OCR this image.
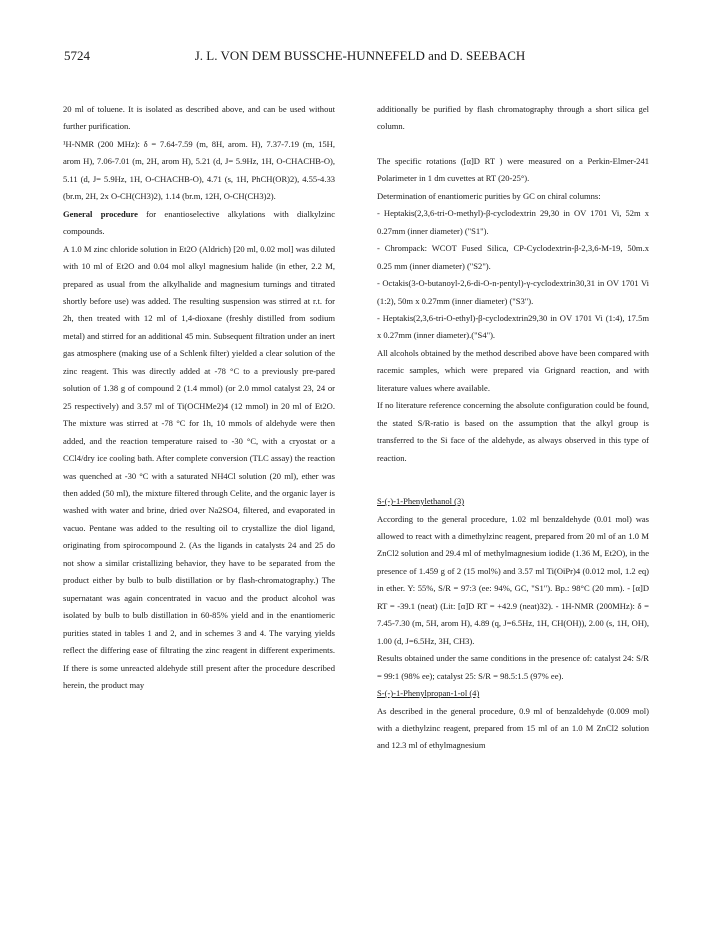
5724	J. L. VON DEM BUSSCHE-HUNNEFELD and D. SEEBACH

20 ml of toluene. It is isolated as described above, and can be used without further purification.

¹H-NMR (200 MHz): δ = 7.64-7.59 (m, 8H, arom. H), 7.37-7.19 (m, 15H, arom H), 7.06-7.01 (m, 2H, arom H), 5.21 (d, J= 5.9Hz, 1H, O-CHACHB-O), 5.11 (d, J= 5.9Hz, 1H, O-CHACHB-O), 4.71 (s, 1H, PhCH(OR)2), 4.55-4.33 (br.m, 2H, 2x O-CH(CH3)2), 1.14 (br.m, 12H, O-CH(CH3)2).

General procedure for enantioselective alkylations with dialkylzinc compounds.

A 1.0 M zinc chloride solution in Et2O (Aldrich) [20 ml, 0.02 mol] was diluted with 10 ml of Et2O and 0.04 mol alkyl magnesium halide (in ether, 2.2 M, prepared as usual from the alkylhalide and magnesium turnings and titrated shortly before use) was added. The resulting suspension was stirred at r.t. for 2h, then treated with 12 ml of 1,4-dioxane (freshly distilled from sodium metal) and stirred for an additional 45 min. Subsequent filtration under an inert gas atmosphere (making use of a Schlenk filter) yielded a clear solution of the zinc reagent. This was directly added at -78 °C to a previously pre-pared solution of 1.38 g of compound 2 (1.4 mmol) (or 2.0 mmol catalyst 23, 24 or 25 respectively) and 3.57 ml of Ti(OCHMe2)4 (12 mmol) in 20 ml of Et2O. The mixture was stirred at -78 °C for 1h, 10 mmols of aldehyde were then added, and the reaction temperature raised to -30 °C, with a cryostat or a CCl4/dry ice cooling bath. After complete conversion (TLC assay) the reaction was quenched at -30 °C with a saturated NH4Cl solution (20 ml), ether was then added (50 ml), the mixture filtered through Celite, and the organic layer is washed with water and brine, dried over Na2SO4, filtered, and evaporated in vacuo. Pentane was added to the resulting oil to crystallize the diol ligand, originating from spirocompound 2. (As the ligands in catalysts 24 and 25 do not show a similar cristallizing behavior, they have to be separated from the product either by bulb to bulb distillation or by flash-chromatography.) The supernatant was again concentrated in vacuo and the product alcohol was isolated by bulb to bulb distillation in 60-85% yield and in the enantiomeric purities stated in tables 1 and 2, and in schemes 3 and 4. The varying yields reflect the differing ease of filtrating the zinc reagent in different experiments. If there is some unreacted aldehyde still present after the procedure described herein, the product may

additionally be purified by flash chromatography through a short silica gel column.

The specific rotations ([α]D RT ) were measured on a Perkin-Elmer-241 Polarimeter in 1 dm cuvettes at RT (20-25°).

Determination of enantiomeric purities by GC on chiral columns:

- Heptakis(2,3,6-tri-O-methyl)-β-cyclodextrin 29,30 in OV 1701 Vi, 52m x 0.27mm (inner diameter) ("S1").

- Chrompack: WCOT Fused Silica, CP-Cyclodextrin-β-2,3,6-M-19, 50m.x 0.25 mm (inner diameter) ("S2").

- Octakis(3-O-butanoyl-2,6-di-O-n-pentyl)-γ-cyclodextrin30,31 in OV 1701 Vi (1:2), 50m x 0.27mm (inner diameter) ("S3").

- Heptakis(2,3,6-tri-O-ethyl)-β-cyclodextrin29,30 in OV 1701 Vi (1:4), 17.5m x 0.27mm (inner diameter).("S4").

All alcohols obtained by the method described above have been compared with racemic samples, which were prepared via Grignard reaction, and with literature values where available.

If no literature reference concerning the absolute configuration could be found, the stated S/R-ratio is based on the assumption that the alkyl group is transferred to the Si face of the aldehyde, as always observed in this type of reaction.

S-(-)-1-Phenylethanol (3)

According to the general procedure, 1.02 ml benzaldehyde (0.01 mol) was allowed to react with a dimethylzinc reagent, prepared from 20 ml of an 1.0 M ZnCl2 solution and 29.4 ml of methylmagnesium iodide (1.36 M, Et2O), in the presence of 1.459 g of 2 (15 mol%) and 3.57 ml Ti(OiPr)4 (0.012 mol, 1.2 eq) in ether. Y: 55%, S/R = 97:3 (ee: 94%, GC, "S1"). Bp.: 98°C (20 mm). - [α]D RT = -39.1 (neat) (Lit: [α]D RT = +42.9 (neat)32). - 1H-NMR (200MHz): δ = 7.45-7.30 (m, 5H, arom H), 4.89 (q, J=6.5Hz, 1H, CH(OH)), 2.00 (s, 1H, OH), 1.00 (d, J=6.5Hz, 3H, CH3).

Results obtained under the same conditions in the presence of: catalyst 24: S/R = 99:1 (98% ee); catalyst 25: S/R = 98.5:1.5 (97% ee).

S-(-)-1-Phenylpropan-1-ol (4)

As described in the general procedure, 0.9 ml of benzaldehyde (0.009 mol) with a diethylzinc reagent, prepared from 15 ml of an 1.0 M ZnCl2 solution and 12.3 ml of ethylmagnesium
